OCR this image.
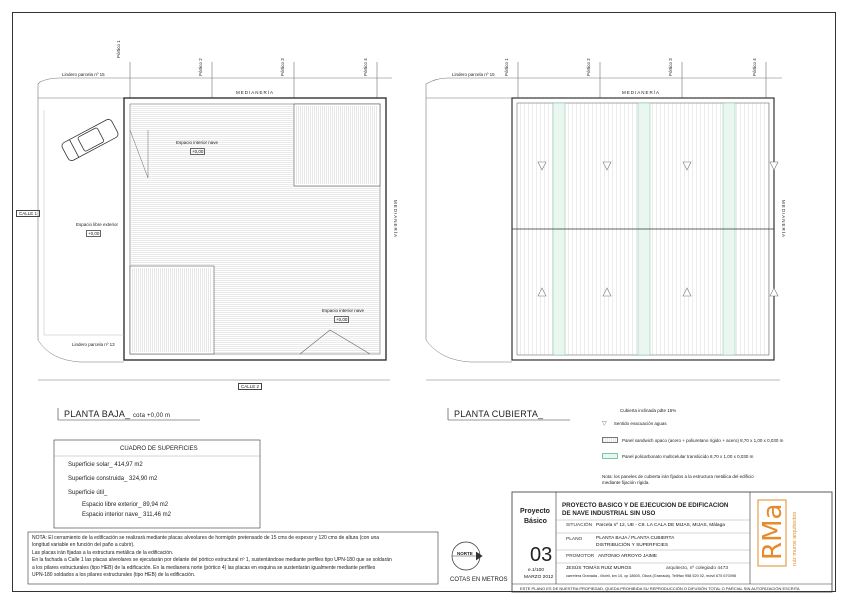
Pórtico 1
Pórtico 2	Pórtico 3	Pórtico 4
Lindero parcela nº 15
MEDIANERÍA
MEDIANERÍA
CALLE 1
CALLE 2
Lindero parcela nº 13
Espacio interior nave
+0,00
Espacio libre exterior
+0,00
Espacio interior nave
+0,00
Pórtico 1	Pórtico 2	Pórtico 3	Pórtico 4
Lindero parcela nº 15
MEDIANERÍA
MEDIANERÍA
PLANTA BAJA_ cota +0,00 m	PLANTA CUBIERTA_	Cubierta inclinada pdte 15%
▽ Sentido evacuación aguas
Panel sandwich opaco (acero + poliuretano rígido + acero) 8,70 x 1,00 x 0,030 m
Panel policarbonato multicelular translúcido 8,70 x 1,00 x 0,030 m
Nota: los paneles de cubierta irán fijados a la estructura metálica del edificio mediante fijación rígida.
CUADRO DE SUPERFICIES
Superficie solar_ 414,97 m2
Superficie construida_ 324,90 m2
Superficie útil_
Espacio libre exterior_ 89,94 m2
Espacio interior nave_ 311,46 m2
NOTA: El cerramiento de la edificación se realizará mediante placas alveolares de hormigón pretensado de 15 cms de espesor y 120 cms de altura (con una
longitud variable en función del paño a cubrir).
Las placas irán fijadas a la estructura metálica de la edificación.
En la fachada a Calle 1 las placas alveolares se ejecutarán por delante del pórtico estructural nº 1, sustentándose mediante perfiles tipo UPN-180 que se soldarán
a los pilares estructurales (tipo HEB) de la edificación. En la medianera norte (pórtico 4) las placas en esquina se sustentarán igualmente mediante perfiles
UPN-180 soldados a los pilares estructurales (tipo HEB) de la edificación.
NORTE
COTAS EN METROS
Proyecto
Básico
03
e.1/100
MARZO 2012
PROYECTO BASICO Y DE EJECUCION DE EDIFICACION
DE NAVE INDUSTRIAL SIN USO
SITUACIÓN Parcela nº 12, UE - C9. LA CALA DE MIJAS, MIJAS, Málaga
PLANO	PLANTA BAJA / PLANTA CUBIERTA
DISTRIBUCIÓN Y SUPERFICIES
PROMOTOR ANTONIO ARROYO JAIME
JESÚS TOMÁS RUIZ MUROS	arquitecto, nº colegiado 4473
carretera Granada - Motril, km 10, cp 18600, Otura (Granada). Telf/fax 958 520 02, móvil 675 670098
ESTE PLANO ES DE NUESTRA PROPIEDAD, QUEDA PROHIBIDA SU REPRODUCCIÓN O DIFUSIÓN TOTAL O PARCIAL SIN AUTORIZACIÓN ESCRITA
RMa ruiz muros arquitectos
